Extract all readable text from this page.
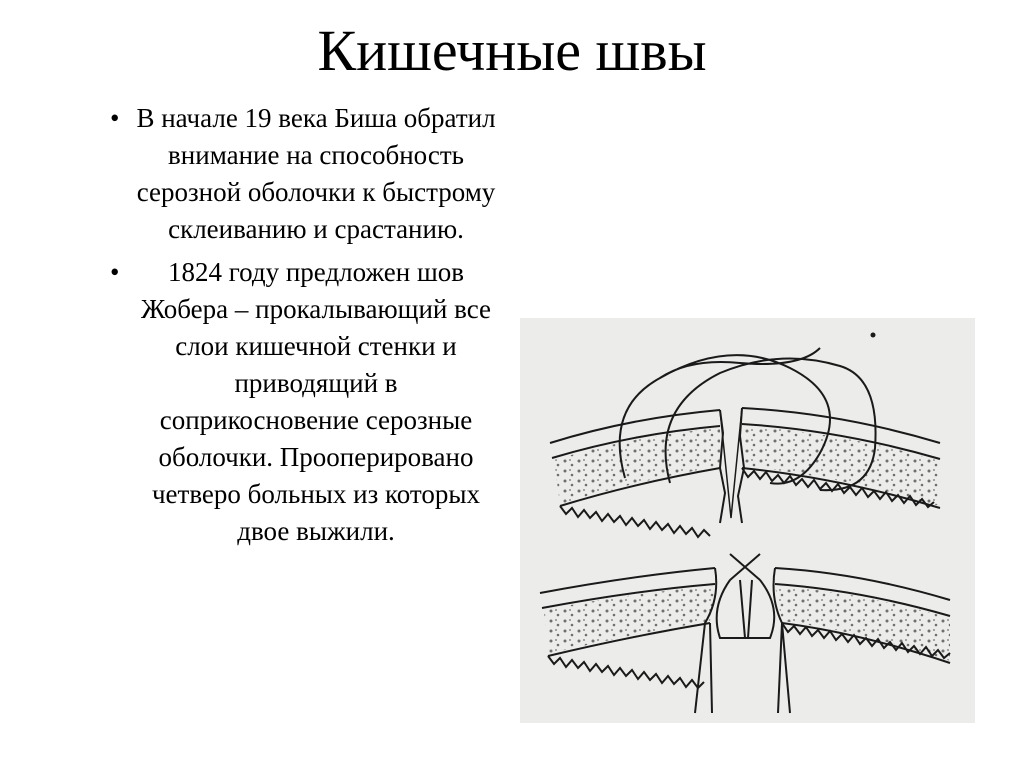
Кишечные швы
• В начале 19 века Биша обратил внимание на способность серозной оболочки к быстрому склеиванию и срастанию.
• 1824 году предложен шов Жобера – прокалывающий все слои кишечной стенки и приводящий в соприкосновение серозные оболочки. Прооперировано четверо больных из которых двое выжили.
